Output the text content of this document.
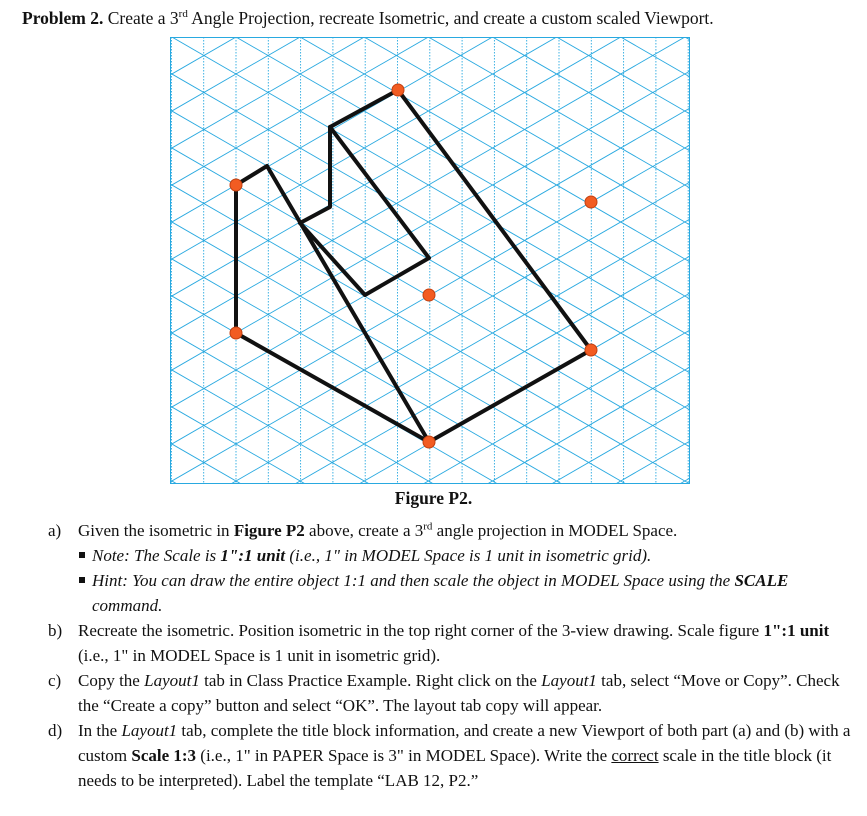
Problem 2. Create a 3rd Angle Projection, recreate Isometric, and create a custom scaled Viewport.
Figure P2.
a) Given the isometric in Figure P2 above, create a 3rd angle projection in MODEL Space.
Note: The Scale is 1":1 unit (i.e., 1" in MODEL Space is 1 unit in isometric grid).
Hint: You can draw the entire object 1:1 and then scale the object in MODEL Space using the SCALE command.
b) Recreate the isometric. Position isometric in the top right corner of the 3-view drawing. Scale figure 1":1 unit (i.e., 1" in MODEL Space is 1 unit in isometric grid).
c) Copy the Layout1 tab in Class Practice Example. Right click on the Layout1 tab, select “Move or Copy”. Check the “Create a copy” button and select “OK”. The layout tab copy will appear.
d) In the Layout1 tab, complete the title block information, and create a new Viewport of both part (a) and (b) with a custom Scale 1:3 (i.e., 1" in PAPER Space is 3" in MODEL Space). Write the correct scale in the title block (it needs to be interpreted). Label the template “LAB 12, P2.”
